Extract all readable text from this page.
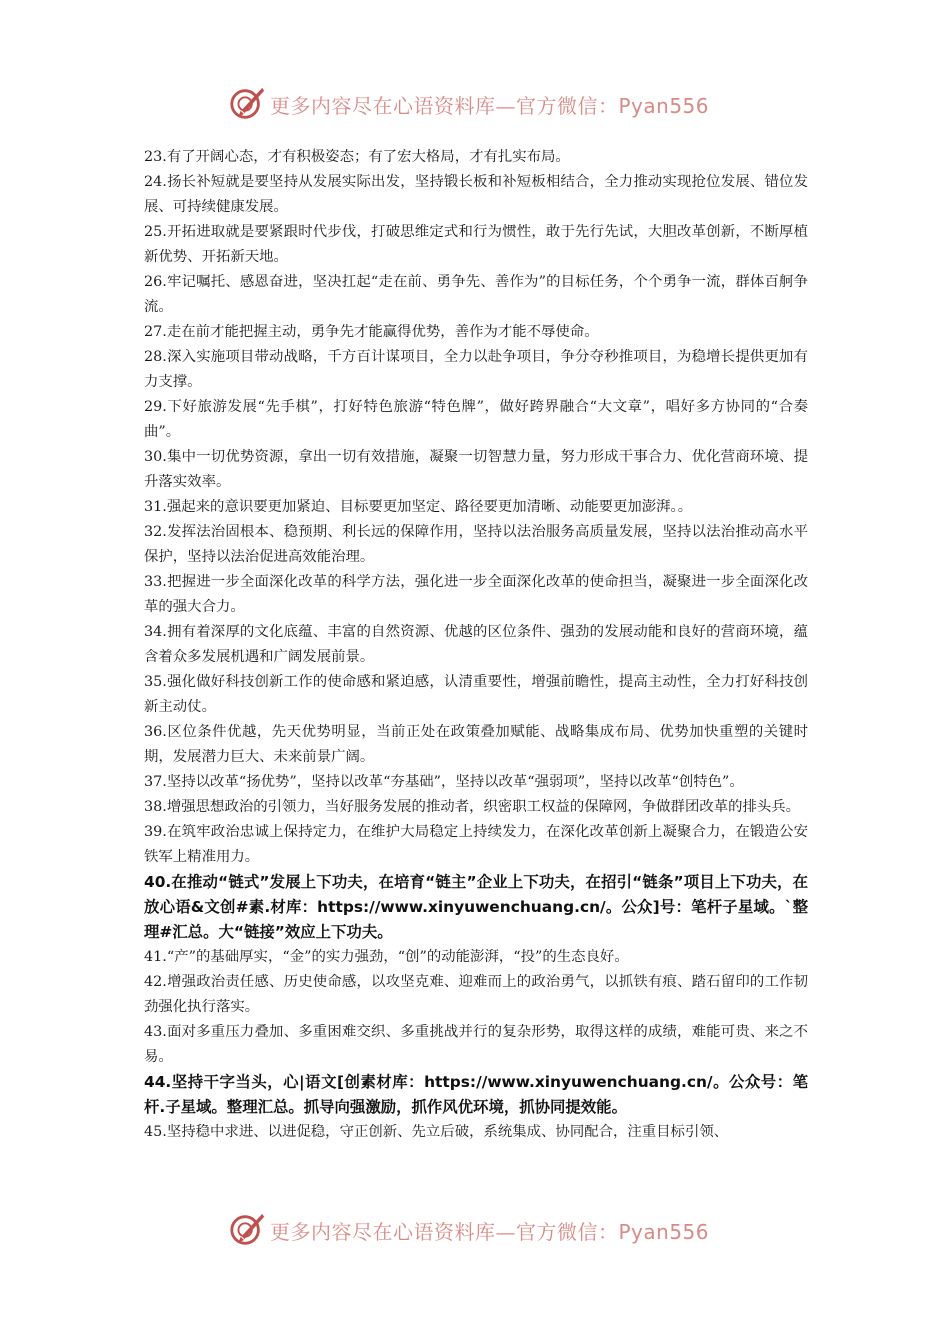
更多内容尽在心语资料库—官方微信：Pyan556

23.有了开阔心态，才有积极姿态；有了宏大格局，才有扎实布局。

24.扬长补短就是要坚持从发展实际出发，坚持锻长板和补短板相结合，全力推动实现抢位发展、错位发展、可持续健康发展。

25.开拓进取就是要紧跟时代步伐，打破思维定式和行为惯性，敢于先行先试，大胆改革创新，不断厚植新优势、开拓新天地。

26.牢记嘱托、感恩奋进，坚决扛起“走在前、勇争先、善作为”的目标任务，个个勇争一流，群体百舸争流。

27.走在前才能把握主动，勇争先才能赢得优势，善作为才能不辱使命。

28.深入实施项目带动战略，千方百计谋项目，全力以赴争项目，争分夺秒推项目，为稳增长提供更加有力支撑。

29.下好旅游发展“先手棋”，打好特色旅游“特色牌”，做好跨界融合“大文章”，唱好多方协同的“合奏曲”。

30.集中一切优势资源，拿出一切有效措施，凝聚一切智慧力量，努力形成干事合力、优化营商环境、提升落实效率。

31.强起来的意识要更加紧迫、目标要更加坚定、路径要更加清晰、动能要更加澎湃。。

32.发挥法治固根本、稳预期、利长远的保障作用，坚持以法治服务高质量发展，坚持以法治推动高水平保护，坚持以法治促进高效能治理。

33.把握进一步全面深化改革的科学方法，强化进一步全面深化改革的使命担当，凝聚进一步全面深化改革的强大合力。

34.拥有着深厚的文化底蕴、丰富的自然资源、优越的区位条件、强劲的发展动能和良好的营商环境，蕴含着众多发展机遇和广阔发展前景。

35.强化做好科技创新工作的使命感和紧迫感，认清重要性，增强前瞻性，提高主动性，全力打好科技创新主动仗。

36.区位条件优越，先天优势明显，当前正处在政策叠加赋能、战略集成布局、优势加快重塑的关键时期，发展潜力巨大、未来前景广阔。

37.坚持以改革“扬优势”，坚持以改革“夯基础”，坚持以改革“强弱项”，坚持以改革“创特色”。

38.增强思想政治的引领力，当好服务发展的推动者，织密职工权益的保障网，争做群团改革的排头兵。

39.在筑牢政治忠诚上保持定力，在维护大局稳定上持续发力，在深化改革创新上凝聚合力，在锻造公安铁军上精准用力。

40.在推动“链式”发展上下功夫，在培育“链主”企业上下功夫，在招引“链条”项目上下功夫，在放心语&文创#素.材库：https://www.xinyuwenchuang.cn/。公众]号：笔杆子星域。`整理#汇总。大“链接”效应上下功夫。

41.“产”的基础厚实，“金”的实力强劲，“创”的动能澎湃，“投”的生态良好。

42.增强政治责任感、历史使命感，以攻坚克难、迎难而上的政治勇气，以抓铁有痕、踏石留印的工作韧劲强化执行落实。

43.面对多重压力叠加、多重困难交织、多重挑战并行的复杂形势，取得这样的成绩，难能可贵、来之不易。

44.坚持干字当头，心|语文[创素材库：https://www.xinyuwenchuang.cn/。公众号：笔杆.子星域。整理汇总。抓导向强激励，抓作风优环境，抓协同提效能。

45.坚持稳中求进、以进促稳，守正创新、先立后破，系统集成、协同配合，注重目标引领、

更多内容尽在心语资料库—官方微信：Pyan556
